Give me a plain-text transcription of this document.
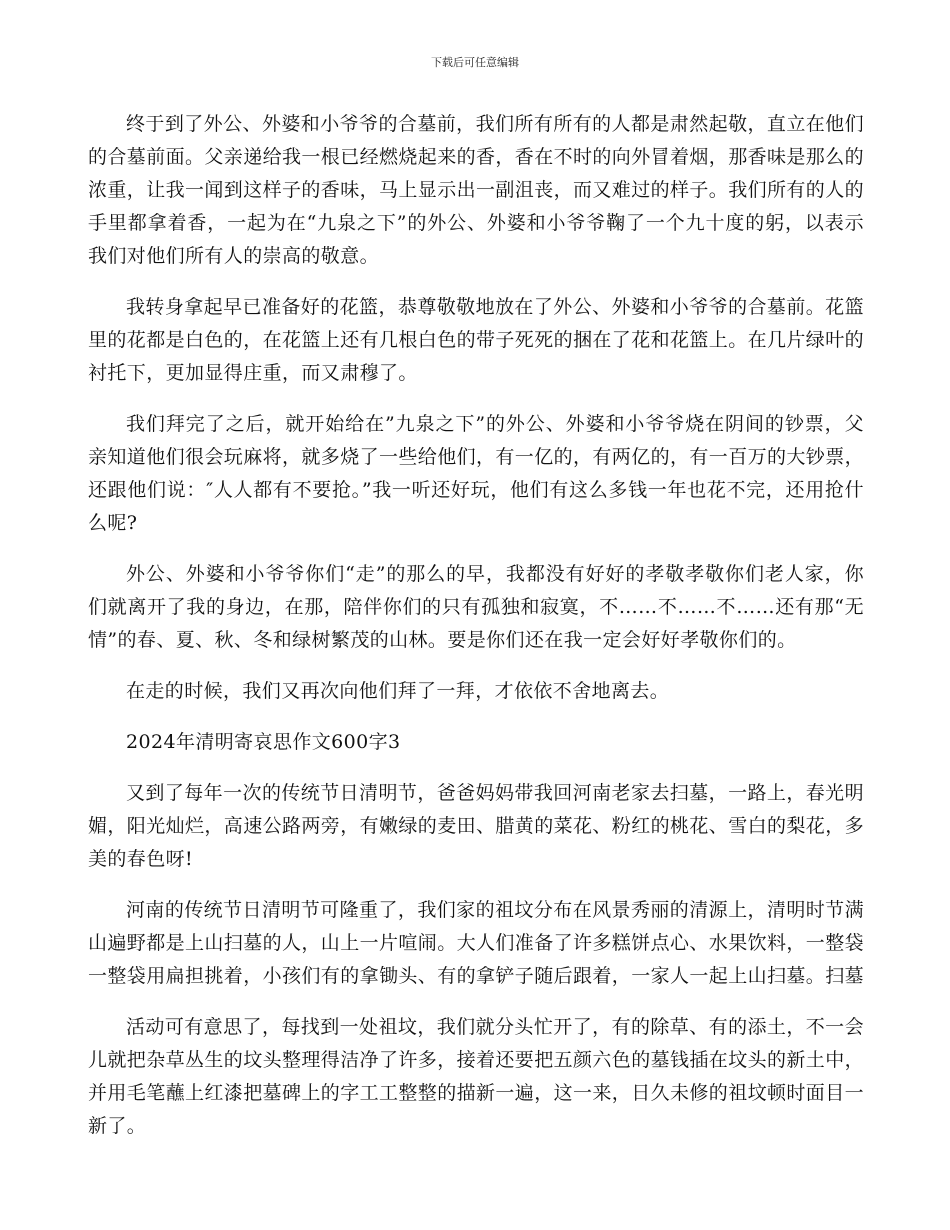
下载后可任意编辑

终于到了外公、外婆和小爷爷的合墓前，我们所有所有的人都是肃然起敬，直立在他们的合墓前面。父亲递给我一根已经燃烧起来的香，香在不时的向外冒着烟，那香味是那么的浓重，让我一闻到这样子的香味，马上显示出一副沮丧，而又难过的样子。我们所有的人的手里都拿着香，一起为在“九泉之下”的外公、外婆和小爷爷鞠了一个九十度的躬，以表示我们对他们所有人的崇高的敬意。

我转身拿起早已准备好的花篮，恭尊敬敬地放在了外公、外婆和小爷爷的合墓前。花篮里的花都是白色的，在花篮上还有几根白色的带子死死的捆在了花和花篮上。在几片绿叶的衬托下，更加显得庄重，而又肃穆了。

我们拜完了之后，就开始给在”九泉之下”的外公、外婆和小爷爷烧在阴间的钞票，父亲知道他们很会玩麻将，就多烧了一些给他们，有一亿的，有两亿的，有一百万的大钞票，还跟他们说：″人人都有不要抢。”我一听还好玩，他们有这么多钱一年也花不完，还用抢什么呢?

外公、外婆和小爷爷你们“走”的那么的早，我都没有好好的孝敬孝敬你们老人家，你们就离开了我的身边，在那，陪伴你们的只有孤独和寂寞，不……不……不……还有那“无情”的春、夏、秋、冬和绿树繁茂的山林。要是你们还在我一定会好好孝敬你们的。

在走的时候，我们又再次向他们拜了一拜，才依依不舍地离去。

2024年清明寄哀思作文600字3

又到了每年一次的传统节日清明节，爸爸妈妈带我回河南老家去扫墓，一路上，春光明媚，阳光灿烂，高速公路两旁，有嫩绿的麦田、腊黄的菜花、粉红的桃花、雪白的梨花，多美的春色呀!

河南的传统节日清明节可隆重了，我们家的祖坟分布在风景秀丽的清源上，清明时节满山遍野都是上山扫墓的人，山上一片喧闹。大人们准备了许多糕饼点心、水果饮料，一整袋一整袋用扁担挑着，小孩们有的拿锄头、有的拿铲子随后跟着，一家人一起上山扫墓。扫墓

活动可有意思了，每找到一处祖坟，我们就分头忙开了，有的除草、有的添土，不一会儿就把杂草丛生的坟头整理得洁净了许多，接着还要把五颜六色的墓钱插在坟头的新土中，并用毛笔蘸上红漆把墓碑上的字工工整整的描新一遍，这一来，日久未修的祖坟顿时面目一新了。
